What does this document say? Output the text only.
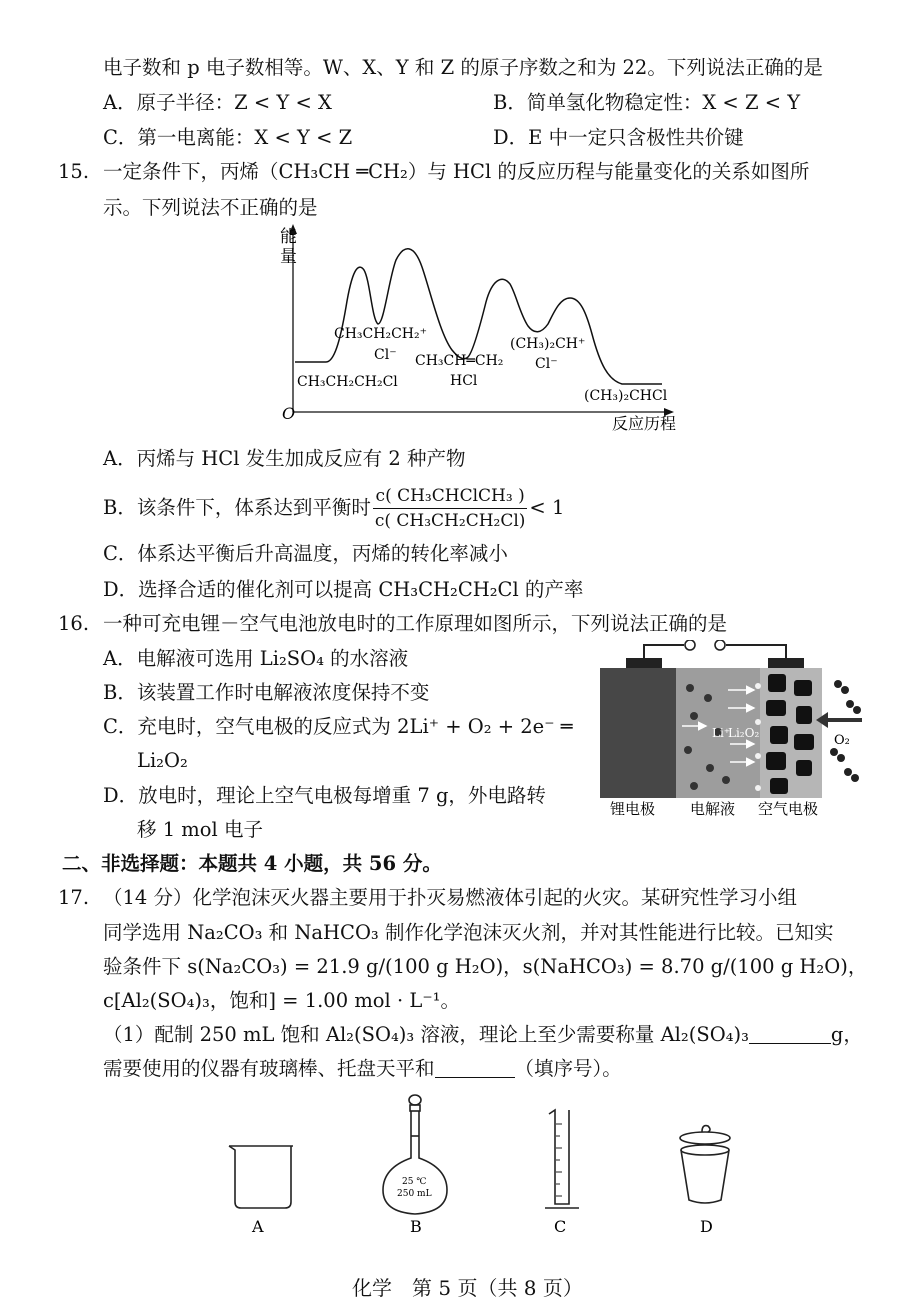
电子数和 p 电子数相等。W、X、Y 和 Z 的原子序数之和为 22。下列说法正确的是
A．原子半径：Z < Y < X	B．简单氢化物稳定性：X < Z < Y
C．第一电离能：X < Y < Z	D．E 中一定只含极性共价键
15. 一定条件下，丙烯（CH₃CH ═CH₂）与 HCl 的反应历程与能量变化的关系如图所
示。下列说法不正确的是
能
量
O
反应历程
CH₃CH₂CH₂⁺
Cl⁻
CH₃CH₂CH₂Cl
CH₃CH═CH₂
HCl
(CH₃)₂CH⁺
Cl⁻
(CH₃)₂CHCl
A．丙烯与 HCl 发生加成反应有 2 种产物
B．该条件下，体系达到平衡时 $\frac{\text{c( CH₃CHClCH₃ )}}{\text{c( CH₃CH₂CH₂Cl)}} < 1$
C．体系达平衡后升高温度，丙烯的转化率减小
D．选择合适的催化剂可以提高 CH₃CH₂CH₂Cl 的产率
16. 一种可充电锂－空气电池放电时的工作原理如图所示，下列说法正确的是
A．电解液可选用 Li₂SO₄ 的水溶液
B．该装置工作时电解液浓度保持不变
C．充电时，空气电极的反应式为 2Li⁺ + O₂ + 2e⁻ ═
Li₂O₂
D．放电时，理论上空气电极每增重 7 g，外电路转
移 1 mol 电子
Li⁺
Li₂O₂	O₂
锂电极 电解液 空气电极
二、非选择题：本题共 4 小题，共 56 分。
17. （14 分）化学泡沫灭火器主要用于扑灭易燃液体引起的火灾。某研究性学习小组
同学选用 Na₂CO₃ 和 NaHCO₃ 制作化学泡沫灭火剂，并对其性能进行比较。已知实
验条件下 s(Na₂CO₃) = 21.9 g/(100 g H₂O)，s(NaHCO₃) = 8.70 g/(100 g H₂O)，
c[Al₂(SO₄)₃，饱和] = 1.00 mol · L⁻¹。
（1）配制 250 mL 饱和 Al₂(SO₄)₃ 溶液，理论上至少需要称量 Al₂(SO₄)₃	g，
需要使用的仪器有玻璃棒、托盘天平和	（填序号）。
A
25 ℃
250 mL
B	C	D
化学　第 5 页（共 8 页）
